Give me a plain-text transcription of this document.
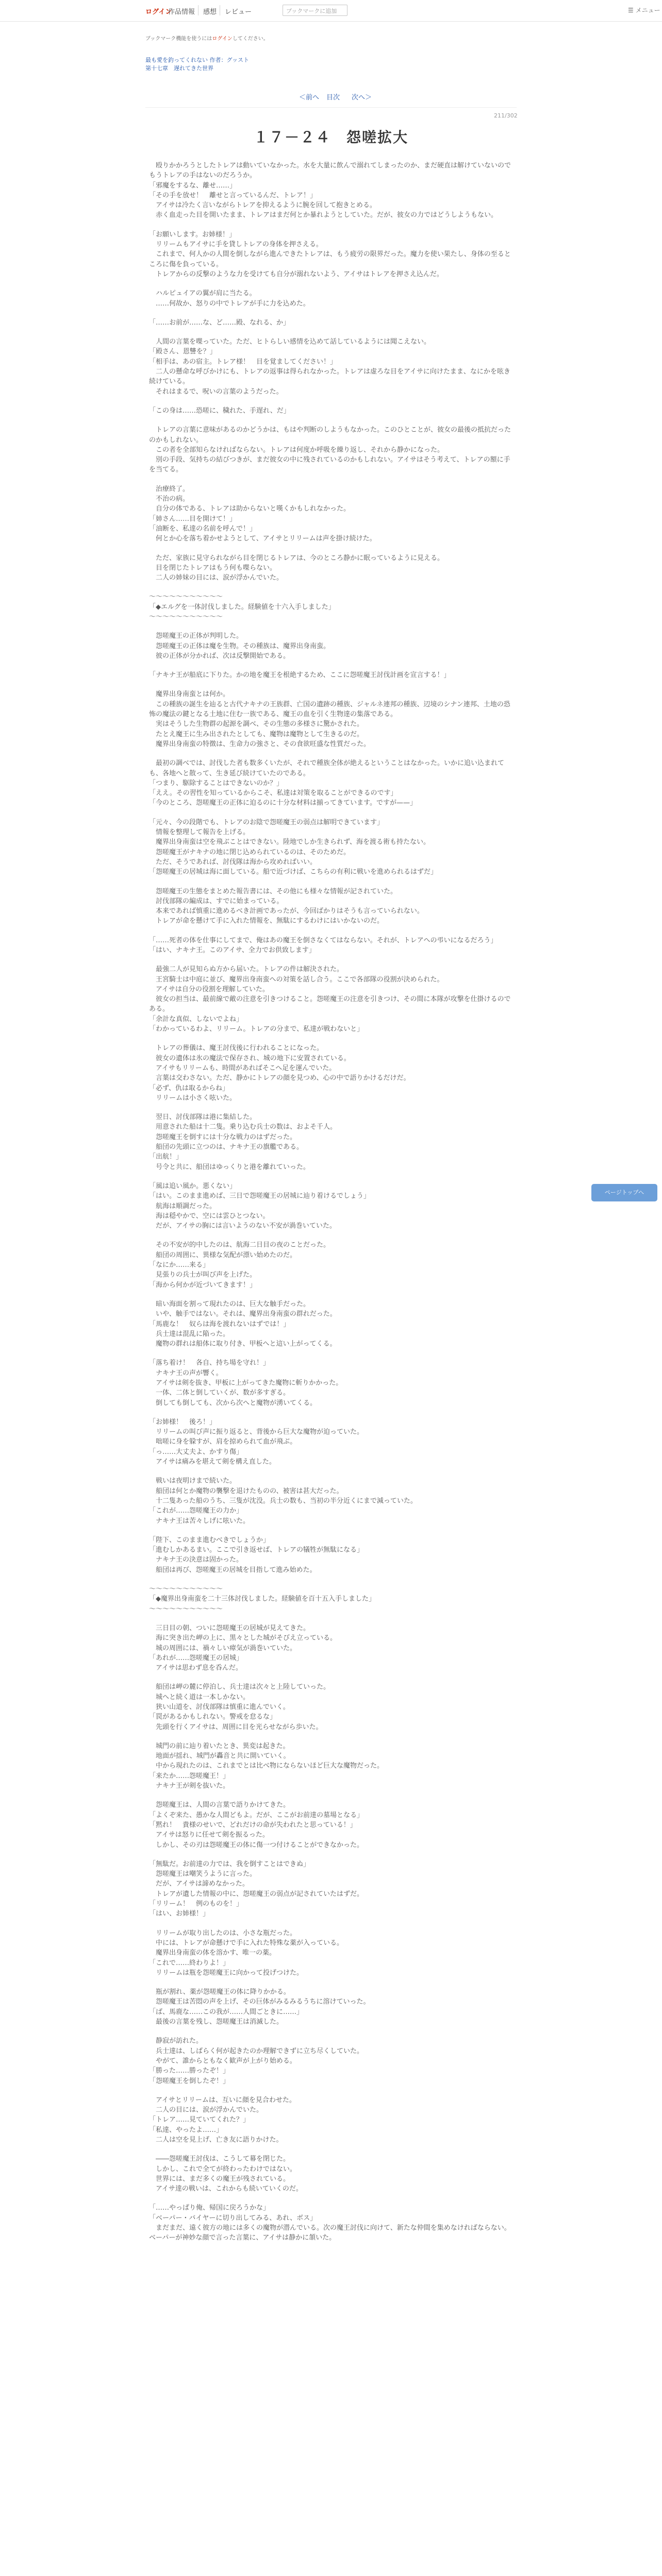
ログイン
作品情報 感想 レビュー	ブックマークに追加	☰ メニュー
ブックマーク機能を使うにはログインしてください。
最も愛を釣ってくれない 作者：グッスト
第十七章　遅れてきた世界
＜前へ 目次 次へ＞
211/302
１７－２４　怨嗟拡大
　殴りかかろうとしたトレアは動いていなかった。水を大量に飲んで溺れてしまったのか、まだ硬直は解けていないのでもうトレアの手はないのだろうか。
「邪魔をするな、離せ……」
「その手を放せ！　離せと言っているんだ、トレア！」
　アイサは冷たく言いながらトレアを抑えるように腕を回して抱きとめる。
　赤く血走った目を開いたまま、トレアはまだ何とか暴れようとしていた。だが、彼女の力ではどうしようもない。
「お願いします。お姉様！」
　リリームもアイサに手を貸しトレアの身体を押さえる。
　これまで、何人かの人間を倒しながら進んできたトレアは、もう疲労の限界だった。魔力を使い果たし、身体の至るところに傷を負っている。
　トレアからの反撃のような力を受けても自分が溺れないよう、アイサはトレアを押さえ込んだ。
　ハルピュイアの翼が肩に当たる。
　……何故か、怒りの中でトレアが手に力を込めた。
「……お前が……な、ど……殿、なれる、か」
　人間の言葉を喋っていた。ただ、ヒトらしい感情を込めて話しているようには聞こえない。
「殿さん、恩讐を？」
「相手は、あの宿主。トレア様！　目を覚ましてください！」
　二人の懸命な呼びかけにも、トレアの返事は得られなかった。トレアは虚ろな目をアイサに向けたまま、なにかを呟き続けている。
　それはまるで、呪いの言葉のようだった。
「この身は……恐嗟に、穢れた、手遅れ、だ」
　トレアの言葉に意味があるのかどうかは、もはや判断のしようもなかった。このひとことが、彼女の最後の抵抗だったのかもしれない。
　この者を全部知らなければならない。トレアは何度か呼吸を繰り返し、それから静かになった。
　別の手段、気持ちの結びつきが、まだ彼女の中に残されているのかもしれない。アイサはそう考えて、トレアの額に手を当てる。
　治療終了。
　不治の病。
　自分の体である、トレアは助からないと嘆くかもしれなかった。
「姉さん……目を開けて！」
「油断を、私達の名前を呼んで！」
　何とか心を落ち着かせようとして、アイサとリリームは声を掛け続けた。
　ただ、家族に見守られながら目を閉じるトレアは、今のところ静かに眠っているように見える。
　目を閉じたトレアはもう何も喋らない。
　二人の姉妹の目には、涙が浮かんでいた。
～～～～～～～～～～～
「◆エルグを一体討伐しました。経験値を十六入手しました」
～～～～～～～～～～～
　怨嗟魔王の正体が判明した。
　怨嗟魔王の正体は魔を生物。その種族は、魔界出身南蛮。
　彼の正体が分かれば、次は反撃開始である。
「ナキナ王が船底に下りた。かの地を魔王を根絶するため、ここに怨嗟魔王討伐計画を宣言する！」
　魔界出身南蛮とは何か。
　この種族の誕生を辿ると古代ナキナの王族群、亡国の遺跡の種族、ジャルネ連邦の種族、辺境のシナン連邦、土地の恐怖の魔法の鍵となる土地に住む一族である、魔王の血を引く生物達の集落である。
　実はそうした生物群の起源を調べ、その生態の多様さに驚かされた。
　たとえ魔王に生み出されたとしても、魔物は魔物として生きるのだ。
　魔界出身南蛮の特徴は、生命力の強さと、その食欲旺盛な性質だった。
　最初の調べでは、討伐した者も数多くいたが、それで種族全体が絶えるということはなかった。いかに追い込まれても、各地へと散って、生き延び続けていたのである。
「つまり、駆除することはできないのか？」
「ええ。その習性を知っているからこそ、私達は対策を取ることができるのです」
「今のところ、怨嗟魔王の正体に迫るのに十分な材料は揃ってきています。ですが——」
「元々、今の段階でも、トレアのお陰で怨嗟魔王の弱点は解明できています」
　情報を整理して報告を上げる。
　魔界出身南蛮は空を飛ぶことはできない。陸地でしか生きられず、海を渡る術も持たない。
　怨嗟魔王がナキナの地に閉じ込められているのは、そのためだ。
　ただ、そうであれば、討伐隊は海から攻めればいい。
「怨嗟魔王の居城は海に面している。船で近づけば、こちらの有利に戦いを進められるはずだ」
　怨嗟魔王の生態をまとめた報告書には、その他にも様々な情報が記されていた。
　討伐部隊の編成は、すでに始まっている。
　本来であれば慎重に進めるべき計画であったが、今回ばかりはそうも言っていられない。
　トレアが命を懸けて手に入れた情報を、無駄にするわけにはいかないのだ。
「……死者の体を仕事にしてまで、俺はあの魔王を倒さなくてはならない。それが、トレアへの弔いになるだろう」
「はい、ナキナ王。このアイサ、全力でお供致します」
　最強二人が見知らぬ方から届いた。トレアの件は解決された。
　王宮騎士は中庭に並び、魔界出身南蛮への対策を話し合う。ここで各部隊の役割が決められた。
　アイサは自分の役割を理解していた。
　彼女の担当は、最前線で敵の注意を引きつけること。怨嗟魔王の注意を引きつけ、その間に本隊が攻撃を仕掛けるのである。
「余計な真似、しないでよね」
「わかっているわよ、リリーム。トレアの分まで、私達が戦わないと」
　トレアの葬儀は、魔王討伐後に行われることになった。
　彼女の遺体は氷の魔法で保存され、城の地下に安置されている。
　アイサもリリームも、時間があればそこへ足を運んでいた。
　言葉は交わさない。ただ、静かにトレアの顔を見つめ、心の中で語りかけるだけだ。
「必ず、仇は取るからね」
　リリームは小さく呟いた。
　翌日、討伐部隊は港に集結した。
　用意された船は十二隻。乗り込む兵士の数は、およそ千人。
　怨嗟魔王を倒すには十分な戦力のはずだった。
　船団の先頭に立つのは、ナキナ王の旗艦である。
「出航！」
　号令と共に、船団はゆっくりと港を離れていった。
「風は追い風か。悪くない」
「はい。このまま進めば、三日で怨嗟魔王の居城に辿り着けるでしょう」
　航海は順調だった。
　海は穏やかで、空には雲ひとつない。
　だが、アイサの胸には言いようのない不安が渦巻いていた。
　その不安が的中したのは、航海二日目の夜のことだった。
　船団の周囲に、異様な気配が漂い始めたのだ。
「なにか……来る」
　見張りの兵士が叫び声を上げた。
「海から何かが近づいてきます！」
　暗い海面を割って現れたのは、巨大な触手だった。
　いや、触手ではない。それは、魔界出身南蛮の群れだった。
「馬鹿な！　奴らは海を渡れないはずでは！」
　兵士達は混乱に陥った。
　魔物の群れは船体に取り付き、甲板へと這い上がってくる。
「落ち着け！　各自、持ち場を守れ！」
　ナキナ王の声が響く。
　アイサは剣を抜き、甲板に上がってきた魔物に斬りかかった。
　一体、二体と倒していくが、数が多すぎる。
　倒しても倒しても、次から次へと魔物が湧いてくる。
「お姉様！　後ろ！」
　リリームの叫び声に振り返ると、背後から巨大な魔物が迫っていた。
　咄嗟に身を躱すが、肩を掠められて血が飛ぶ。
「っ……大丈夫よ、かすり傷」
　アイサは痛みを堪えて剣を構え直した。
　戦いは夜明けまで続いた。
　船団は何とか魔物の襲撃を退けたものの、被害は甚大だった。
　十二隻あった船のうち、三隻が沈没。兵士の数も、当初の半分近くにまで減っていた。
「これが……怨嗟魔王の力か」
　ナキナ王は苦々しげに呟いた。
「陛下、このまま進むべきでしょうか」
「進むしかあるまい。ここで引き返せば、トレアの犠牲が無駄になる」
　ナキナ王の決意は固かった。
　船団は再び、怨嗟魔王の居城を目指して進み始めた。
～～～～～～～～～～～
「◆魔界出身南蛮を二十三体討伐しました。経験値を百十五入手しました」
～～～～～～～～～～～
　三日目の朝、ついに怨嗟魔王の居城が見えてきた。
　海に突き出た岬の上に、黒々とした城がそびえ立っている。
　城の周囲には、禍々しい瘴気が渦巻いていた。
「あれが……怨嗟魔王の居城」
　アイサは思わず息を呑んだ。
　船団は岬の麓に停泊し、兵士達は次々と上陸していった。
　城へと続く道は一本しかない。
　狭い山道を、討伐部隊は慎重に進んでいく。
「罠があるかもしれない。警戒を怠るな」
　先頭を行くアイサは、周囲に目を光らせながら歩いた。
　城門の前に辿り着いたとき、異変は起きた。
　地面が揺れ、城門が轟音と共に開いていく。
　中から現れたのは、これまでとは比べ物にならないほど巨大な魔物だった。
「来たか……怨嗟魔王！」
　ナキナ王が剣を抜いた。
　怨嗟魔王は、人間の言葉で語りかけてきた。
「よくぞ来た、愚かな人間どもよ。だが、ここがお前達の墓場となる」
「黙れ！　貴様のせいで、どれだけの命が失われたと思っている！」
　アイサは怒りに任せて剣を振るった。
　しかし、その刃は怨嗟魔王の体に傷一つ付けることができなかった。
「無駄だ。お前達の力では、我を倒すことはできぬ」
　怨嗟魔王は嘲笑うように言った。
　だが、アイサは諦めなかった。
　トレアが遺した情報の中に、怨嗟魔王の弱点が記されていたはずだ。
「リリーム！　例のものを！」
「はい、お姉様！」
　リリームが取り出したのは、小さな瓶だった。
　中には、トレアが命懸けで手に入れた特殊な薬が入っている。
　魔界出身南蛮の体を溶かす、唯一の薬。
「これで……終わりよ！」
　リリームは瓶を怨嗟魔王に向かって投げつけた。
　瓶が割れ、薬が怨嗟魔王の体に降りかかる。
　怨嗟魔王は苦悶の声を上げ、その巨体がみるみるうちに溶けていった。
「ば、馬鹿な……この我が……人間ごときに……」
　最後の言葉を残し、怨嗟魔王は消滅した。
　静寂が訪れた。
　兵士達は、しばらく何が起きたのか理解できずに立ち尽くしていた。
　やがて、誰からともなく歓声が上がり始める。
「勝った……勝ったぞ！」
「怨嗟魔王を倒したぞ！」
　アイサとリリームは、互いに顔を見合わせた。
　二人の目には、涙が浮かんでいた。
「トレア……見ていてくれた？」
「私達、やったよ……」
　二人は空を見上げ、亡き友に語りかけた。
　――怨嗟魔王討伐は、こうして幕を閉じた。
　しかし、これで全てが終わったわけではない。
　世界には、まだ多くの魔王が残されている。
　アイサ達の戦いは、これからも続いていくのだ。
「……やっぱり俺、帰国に戻ろうかな」
「ベーパー・バイヤーに切り出してみる、あれ、ボス」
　まだまだ、遠く彼方の地には多くの魔物が潜んでいる。次の魔王討伐に向けて、新たな仲間を集めなければならない。ベーパーが神妙な顔で言った言葉に、アイサは静かに頷いた。
ページトップへ
